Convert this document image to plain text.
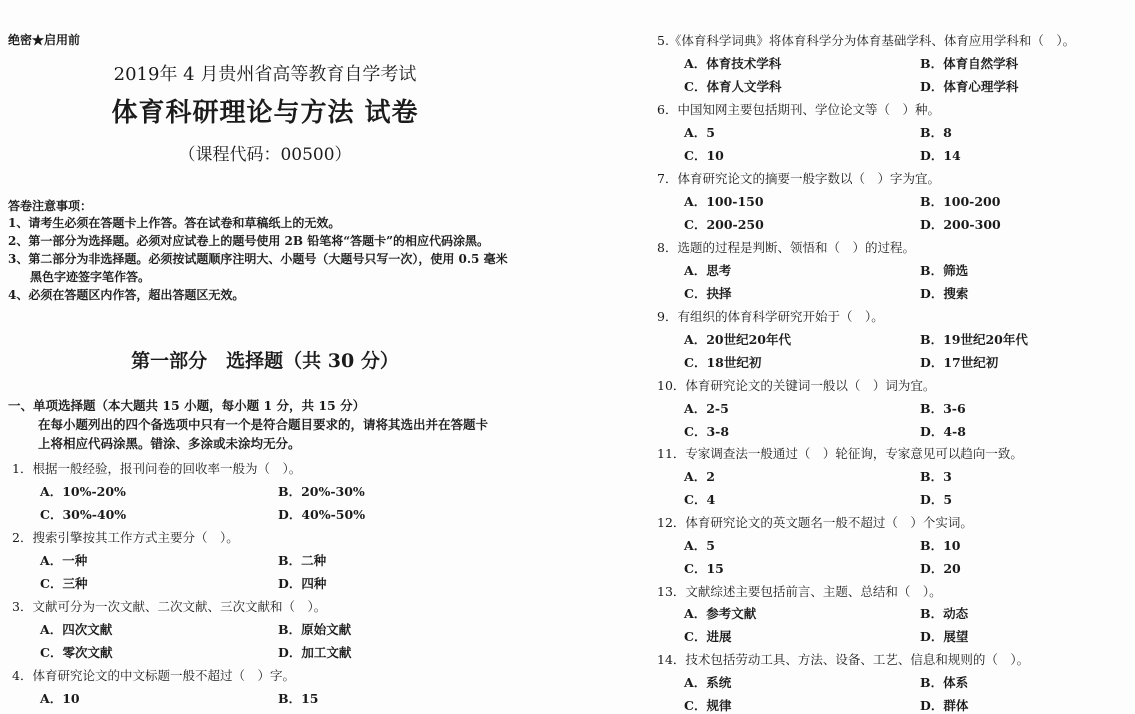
绝密★启用前
2019年 4 月贵州省高等教育自学考试
体育科研理论与方法 试卷
（课程代码：00500）
答卷注意事项：
1、请考生必须在答题卡上作答。答在试卷和草稿纸上的无效。
2、第一部分为选择题。必须对应试卷上的题号使用 2B 铅笔将“答题卡”的相应代码涂黑。
3、第二部分为非选择题。必须按试题顺序注明大、小题号（大题号只写一次），使用 0.5 毫米
黑色字迹签字笔作答。
4、必须在答题区内作答，超出答题区无效。
第一部分　选择题（共 30 分）
一、单项选择题（本大题共 15 小题，每小题 1 分，共 15 分）
在每小题列出的四个备选项中只有一个是符合题目要求的，请将其选出并在答题卡
上将相应代码涂黑。错涂、多涂或未涂均无分。
1．根据一般经验，报刊问卷的回收率一般为（　）。
A．10%-20%	B．20%-30%
C．30%-40%	D．40%-50%
2．搜索引擎按其工作方式主要分（　）。
A．一种	B．二种
C．三种	D．四种
3．文献可分为一次文献、二次文献、三次文献和（　）。
A．四次文献	B．原始文献
C．零次文献	D．加工文献
4．体育研究论文的中文标题一般不超过（　）字。
A．10	B．15
5.《体育科学词典》将体育科学分为体育基础学科、体育应用学科和（　）。
A．体育技术学科	B．体育自然学科
C．体育人文学科	D．体育心理学科
6．中国知网主要包括期刊、学位论文等（　）种。
A．5	B．8
C．10	D．14
7．体育研究论文的摘要一般字数以（　）字为宜。
A．100-150	B．100-200
C．200-250	D．200-300
8．选题的过程是判断、领悟和（　）的过程。
A．思考	B．筛选
C．抉择	D．搜索
9．有组织的体育科学研究开始于（　）。
A．20世纪20年代	B．19世纪20年代
C．18世纪初	D．17世纪初
10．体育研究论文的关键词一般以（　）词为宜。
A．2-5	B．3-6
C．3-8	D．4-8
11．专家调查法一般通过（　）轮征询，专家意见可以趋向一致。
A．2	B．3
C．4	D．5
12．体育研究论文的英文题名一般不超过（　）个实词。
A．5	B．10
C．15	D．20
13．文献综述主要包括前言、主题、总结和（　）。
A．参考文献	B．动态
C．进展	D．展望
14．技术包括劳动工具、方法、设备、工艺、信息和规则的（　）。
A．系统	B．体系
C．规律	D．群体
